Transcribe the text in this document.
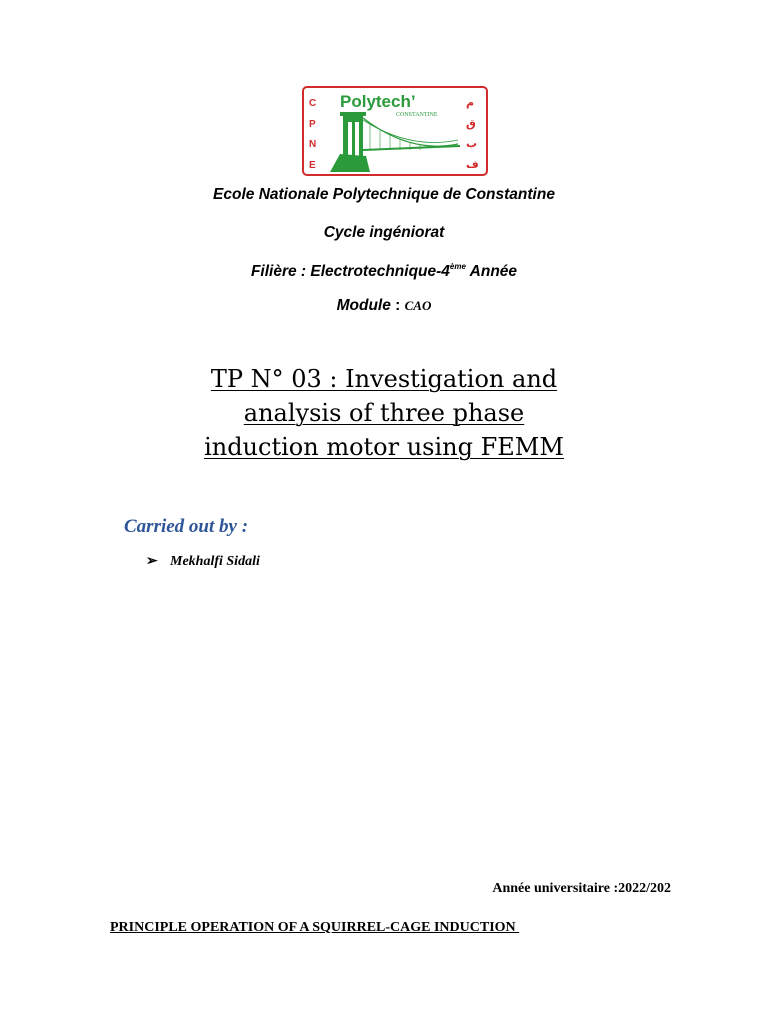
C
P
N
E
م
ق
ب
ف
Polytech’
CONSTANTINE
Ecole Nationale Polytechnique de Constantine
Cycle ingéniorat
Filière : Electrotechnique-4ème Année
Module : CAO
TP N° 03 : Investigation and
analysis of three phase
induction motor using FEMM
Carried out by :
➢ Mekhalfi Sidali
Année universitaire :2022/202
PRINCIPLE OPERATION OF A SQUIRREL-CAGE INDUCTION
